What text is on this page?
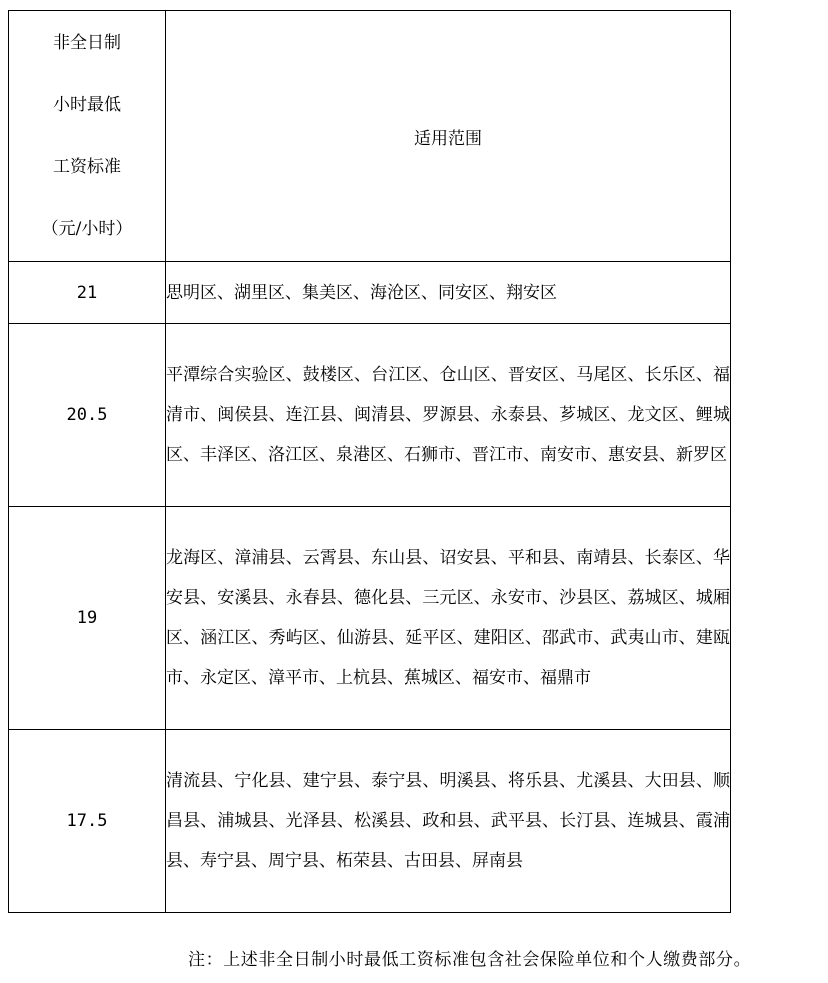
非全日制
小时最低
工资标准
（元/小时）	适用范围
21	思明区、湖里区、集美区、海沧区、同安区、翔安区
20.5	平潭综合实验区、鼓楼区、台江区、仓山区、晋安区、马尾区、长乐区、福清市、闽侯县、连江县、闽清县、罗源县、永泰县、芗城区、龙文区、鲤城区、丰泽区、洛江区、泉港区、石狮市、晋江市、南安市、惠安县、新罗区
19	龙海区、漳浦县、云霄县、东山县、诏安县、平和县、南靖县、长泰区、华安县、安溪县、永春县、德化县、三元区、永安市、沙县区、荔城区、城厢区、涵江区、秀屿区、仙游县、延平区、建阳区、邵武市、武夷山市、建瓯市、永定区、漳平市、上杭县、蕉城区、福安市、福鼎市
17.5	清流县、宁化县、建宁县、泰宁县、明溪县、将乐县、尤溪县、大田县、顺昌县、浦城县、光泽县、松溪县、政和县、武平县、长汀县、连城县、霞浦县、寿宁县、周宁县、柘荣县、古田县、屏南县
注：上述非全日制小时最低工资标准包含社会保险单位和个人缴费部分。
